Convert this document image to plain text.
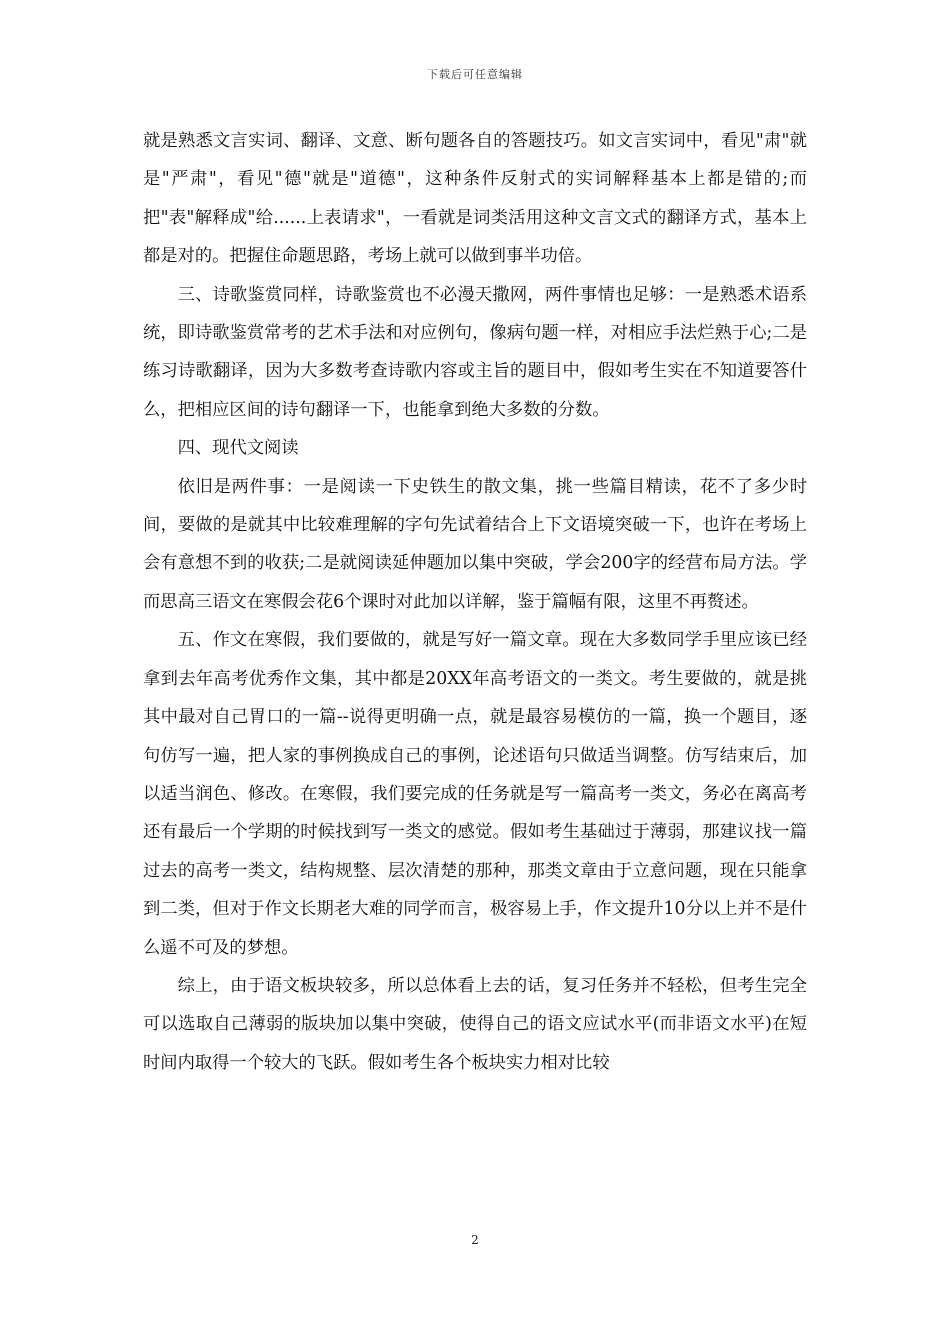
下载后可任意编辑

就是熟悉文言实词、翻译、文意、断句题各自的答题技巧。如文言实词中，看见"肃"就是"严肃"，看见"德"就是"道德"，这种条件反射式的实词解释基本上都是错的;而把"表"解释成"给......上表请求"，一看就是词类活用这种文言文式的翻译方式，基本上都是对的。把握住命题思路，考场上就可以做到事半功倍。

三、诗歌鉴赏同样，诗歌鉴赏也不必漫天撒网，两件事情也足够：一是熟悉术语系统，即诗歌鉴赏常考的艺术手法和对应例句，像病句题一样，对相应手法烂熟于心;二是练习诗歌翻译，因为大多数考查诗歌内容或主旨的题目中，假如考生实在不知道要答什么，把相应区间的诗句翻译一下，也能拿到绝大多数的分数。

四、现代文阅读

依旧是两件事：一是阅读一下史铁生的散文集，挑一些篇目精读，花不了多少时间，要做的是就其中比较难理解的字句先试着结合上下文语境突破一下，也许在考场上会有意想不到的收获;二是就阅读延伸题加以集中突破，学会200字的经营布局方法。学而思高三语文在寒假会花6个课时对此加以详解，鉴于篇幅有限，这里不再赘述。

五、作文在寒假，我们要做的，就是写好一篇文章。现在大多数同学手里应该已经拿到去年高考优秀作文集，其中都是20XX年高考语文的一类文。考生要做的，就是挑其中最对自己胃口的一篇--说得更明确一点，就是最容易模仿的一篇，换一个题目，逐句仿写一遍，把人家的事例换成自己的事例，论述语句只做适当调整。仿写结束后，加以适当润色、修改。在寒假，我们要完成的任务就是写一篇高考一类文，务必在离高考还有最后一个学期的时候找到写一类文的感觉。假如考生基础过于薄弱，那建议找一篇过去的高考一类文，结构规整、层次清楚的那种，那类文章由于立意问题，现在只能拿到二类，但对于作文长期老大难的同学而言，极容易上手，作文提升10分以上并不是什么遥不可及的梦想。

综上，由于语文板块较多，所以总体看上去的话，复习任务并不轻松，但考生完全可以选取自己薄弱的版块加以集中突破，使得自己的语文应试水平(而非语文水平)在短时间内取得一个较大的飞跃。假如考生各个板块实力相对比较

2
